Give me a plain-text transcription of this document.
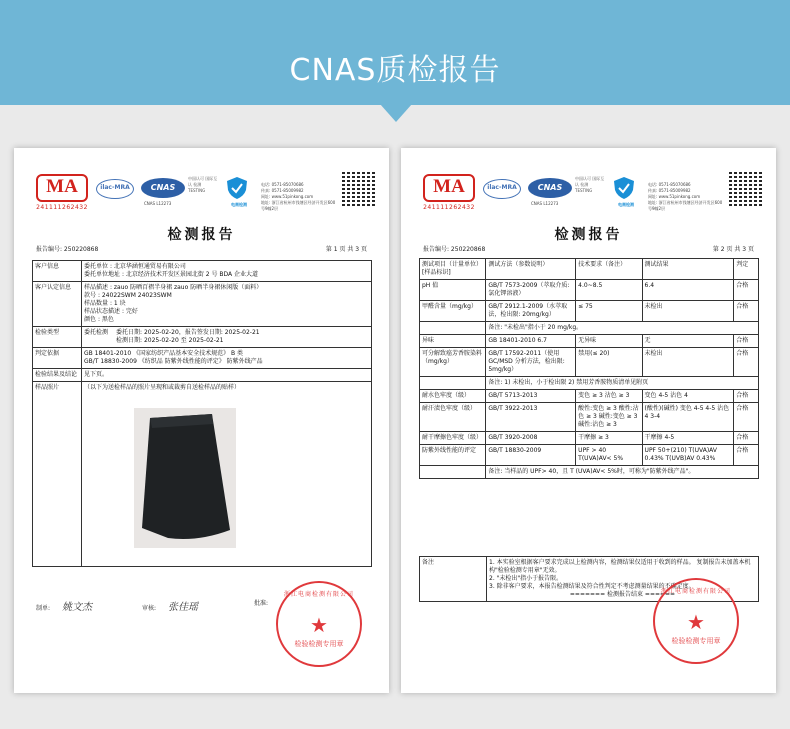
CNAS质检报告
MA
241111262432
ilac-MRA	CNAS
CNAS L12273
中国认可 国际互认 检测 TESTING
电商检测
电话: 0571-85070686
传真: 0571-85009982
网址: www.51pinkong.com
地址: 浙江省杭州市钱塘区经济开发区600号9幢2层
检测报告
报告编号: 250220868	第 1 页 共 3 页
客户信息	委托单位 : 北京华涵恒通贸易有限公司
委托单位地址 : 北京经济技术开发区景园北街 2 号 BDA 企业大道

客户认定信息	样品描述 : zauo 防晒百褶半身裙 zauo 防晒半身裙休闲版（面料）
款号 : 24022SWM 24023SWM
样品数量 : 1 块
样品状态描述 : 完好
颜色 : 黑色

检验类型	委托检测 委托日期: 2025-02-20，报告签发日期: 2025-02-21
检测日期: 2025-02-20 至 2025-02-21

判定依据	GB 18401-2010 《国家纺织产品基本安全技术规范》 B 类
GB/T 18830-2009 《纺织品 防紫外线性能的评定》 防紫外线产品

检验结果及结论	见下页。
样品照片	（以下为送检样品的照片呈现和或裁剪自送检样品的贴样）
制单: 姚文杰	审核: 张佳瑶	批准:
浙江电商检测有限公司
★
检验检测专用章
MA
241111262432
ilac-MRA	CNAS
CNAS L12273
中国认可 国际互认 检测 TESTING
电商检测
电话: 0571-85070686
传真: 0571-85009982
网址: www.51pinkong.com
地址: 浙江省杭州市钱塘区经济开发区600号9幢2层
检测报告
报告编号: 250220868	第 2 页 共 3 页
测试项目（计量单位）[样品标识]	测试方法（参数说明）	技术要求（备注）	测试结果	判定
pH 值	GB/T 7573-2009（萃取介质: 氯化钾溶液）	4.0~8.5	6.4	合格
甲醛含量（mg/kg）	GB/T 2912.1-2009（水萃取法，检出限: 20mg/kg）	≤ 75	未检出	合格
	备注: "未检出"指小于 20 mg/kg。			
异味	GB 18401-2010 6.7	无异味	无	合格
可分解致癌芳香胺染料（mg/kg）	GB/T 17592-2011（使用 GC/MSD 分析方法，检出限: 5mg/kg）	禁用(≤ 20)	未检出	合格
	备注: 1) 未检出，小于检出限 2) 禁用芳香胺物质清单见附页			
耐水色牢度（级）	GB/T 5713-2013	变色 ≥ 3 沾色 ≥ 3	变色 4-5 沾色 4	合格
耐汗渍色牢度（级）	GB/T 3922-2013	酸性:变色 ≥ 3 酸性:沾色 ≥ 3 碱性:变色 ≥ 3 碱性:沾色 ≥ 3	(酸性)(碱性) 变色 4-5 4-5 沾色 4 3-4	合格
耐干摩擦色牢度（级）	GB/T 3920-2008	干摩擦 ≥ 3	干摩擦 4-5	合格
防紫外线性能的评定	GB/T 18830-2009	UPF > 40 T(UVA)AV< 5%	UPF 50+(210) T(UVA)AV 0.43% T(UVB)AV 0.43%	合格
	备注: 当样品的 UPF> 40，且 T (UVA)AV< 5%时，可称为"防紫外线产品"。			
备注	1. 本实验室根据客户要求完成以上检测内容，检测结果仅适用于收到的样品。 复制报告未加盖本机构"检验检测专用章"无效。
2. "未检出"指小于报告限。
3. 除非客户要求，本报告检测结果及符合性判定不考虑测量结果的不确定度。
======= 检测报告结束 ======
浙江电商检测有限公司
★
检验检测专用章
